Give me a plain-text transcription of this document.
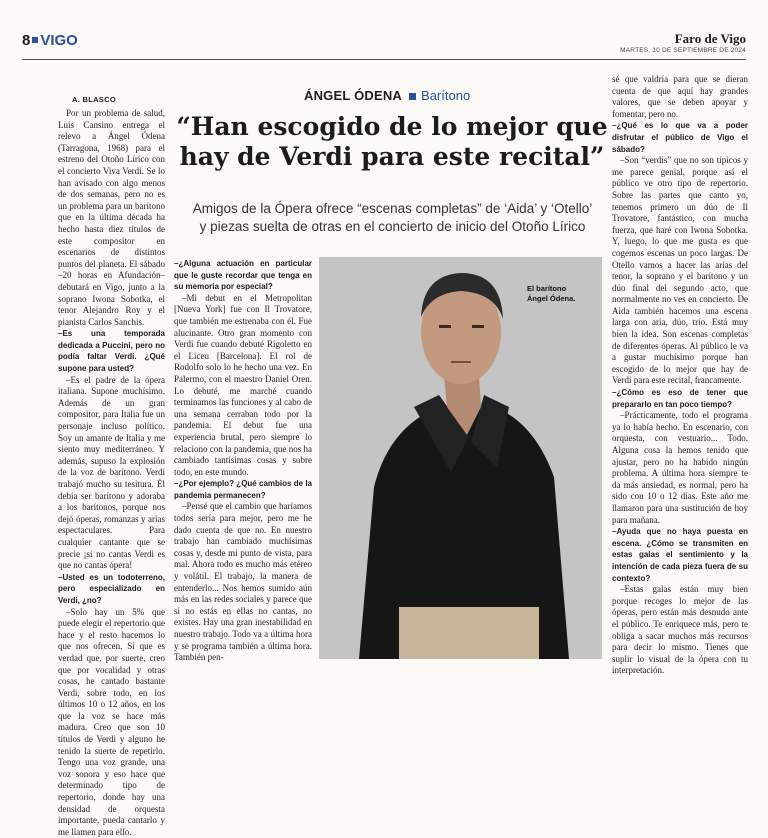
8 VIGO	Faro de Vigo
MARTES, 10 DE SEPTIEMBRE DE 2024
A. BLASCO	ÁNGEL ÓDENA Barítono
“Han escogido de lo mejor que
hay de Verdi para este recital”
Amigos de la Ópera ofrece “escenas completas” de ‘Aida’ y ‘Otello’
y piezas suelta de otras en el concierto de inicio del Otoño Lírico

Por un problema de salud, Luis Cansino entrega el relevo a Ángel Ódena (Tarragona, 1968) para el estreno del Otoño Lírico con el concierto Viva Verdi. Se lo han avisado con algo menos de dos semanas, pero no es un problema para un barítono que en la última década ha hecho hasta diez títulos de este compositor en escenarios de distintos puntos del planeta. El sábado –20 horas en Afundación– debutará en Vigo, junto a la soprano Iwona Sobotka, el tenor Alejandro Roy y el pianista Carlos Sanchis.

–Es una temporada dedicada a Puccini, pero no podía faltar Verdi. ¿Qué supone para usted?

–Es el padre de la ópera italiana. Supone muchísimo. Además de un gran compositor, para Italia fue un personaje incluso político. Soy un amante de Italia y me siento muy mediterráneo. Y además, supuso la explosión de la voz de barítono. Verdi trabajó mucho su tesitura. Él debía ser barítono y adoraba a los barítonos, porque nos dejó óperas, romanzas y arias espectaculares. Para cualquier cantante que se precie ¡si no cantas Verdi es que no cantas ópera!

–Usted es un todoterreno, pero especializado en Verdi, ¿no?

–Solo hay un 5% que puede elegir el repertorio que hace y el resto hacemos lo que nos ofrecen. Sí que es verdad que, por suerte, creo que por vocalidad y otras cosas, he cantado bastante Verdi, sobre todo, en los últimos 10 o 12 años, en los que la voz se hace más madura. Creo que son 10 títulos de Verdi y alguno he tenido la suerte de repetirlo. Tengo una voz grande, una voz sonora y eso hace que determinado tipo de repertorio, donde hay una densidad de orquesta importante, pueda cantarlo y me llamen para ello.

–¿Alguna actuación en particular que le guste recordar que tenga en su memoria por especial?

–Mi debut en el Metropolitan [Nueva York] fue con Il Trovatore, que también me estrenaba con él. Fue alucinante. Otro gran momento con Verdi fue cuando debuté Rigoletto en el Liceu [Barcelona]. El rol de Rodolfo solo lo he hecho una vez. En Palermo, con el maestro Daniel Oren. Lo debuté, me marché cuando terminamos las funciones y al cabo de una semana cerraban todo por la pandemia. El debut fue una experiencia brutal, pero siempre lo relaciono con la pandemia, que nos ha cambiado tantísimas cosas y sobre todo, en este mundo.

–¿Por ejemplo? ¿Qué cambios de la pandemia permanecen?

–Pensé que el cambio que haríamos todos sería para mejor, pero me he dado cuenta de que no. En nuestro trabajo han cambiado muchísimas cosas y, desde mi punto de vista, para mal. Ahora todo es mucho más etéreo y volátil. El trabajo, la manera de entenderlo... Nos hemos sumido aún más en las redes sociales y parece que si no estás en ellas no cantas, no existes. Hay una gran inestabilidad en nuestro trabajo. Todo va a última hora y se programa también a última hora. También pen-

El barítono
Ángel Ódena.

sé que valdría para que se dieran cuenta de que aquí hay grandes valores, que se deben apoyar y fomentar, pero no.

–¿Qué es lo que va a poder disfrutar el público de Vigo el sábado?

–Son “verdis” que no son típicos y me parece genial, porque así el público ve otro tipo de repertorio. Sobre las partes que canto yo, tenemos primero un dúo de Il Trovatore, fantástico, con mucha fuerza, que haré con Iwona Sobotka. Y, luego, lo que me gusta es que cogemos escenas un poco largas. De Otello vamos a hacer las arias del tenor, la soprano y el barítono y un dúo final del segundo acto, que normalmente no ves en concierto. De Aida también hacemos una escena larga con aria, dúo, trío. Está muy bien la idea. Son escenas completas de diferentes óperas. Al público le va a gustar muchísimo porque han escogido de lo mejor que hay de Verdi para este recital, francamente.

–¿Cómo es eso de tener que prepararlo en tan poco tiempo?

–Prácticamente, todo el programa ya lo había hecho. En escenario, con orquesta, con vestuario... Todo. Alguna cosa la hemos tenido que ajustar, pero no ha habido ningún problema. A última hora siempre te da más ansiedad, es normal, pero ha sido con 10 o 12 días. Este año me llamaron para una sustitución de hoy para mañana.

–Ayuda que no haya puesta en escena. ¿Cómo se transmiten en estas galas el sentimiento y la intención de cada pieza fuera de su contexto?

–Estas galas están muy bien porque recoges lo mejor de las óperas, pero están más desnudo ante el público. Te enriquece más, pero te obliga a sacar muchos más recursos para decir lo mismo. Tienes que suplir lo visual de la ópera con tu interpretación.
